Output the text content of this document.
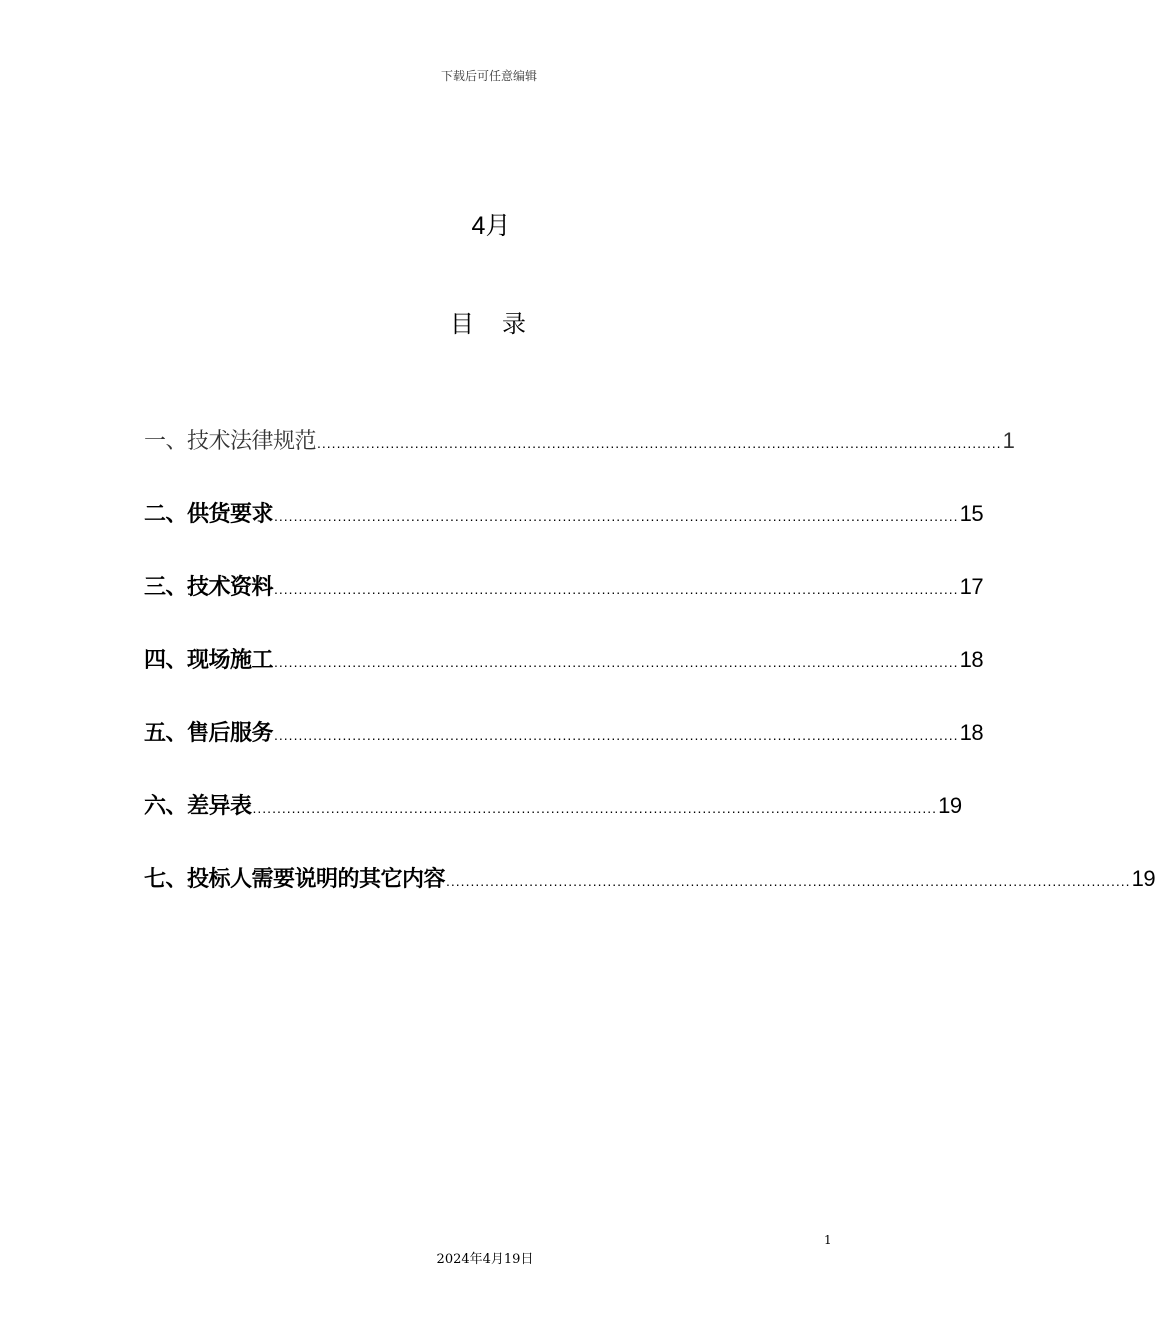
下载后可任意编辑
4月
目 录
一、技术法律规范 ............................................................................................................................................ 1
二、供货要求 ............................................................................................................................................ 15
三、技术资料 ............................................................................................................................................ 17
四、现场施工 ............................................................................................................................................ 18
五、售后服务 ............................................................................................................................................ 18
六、差异表 ............................................................................................................................................ 19
七、投标人需要说明的其它内容 ............................................................................................................................................ 19
1
2024年4月19日
